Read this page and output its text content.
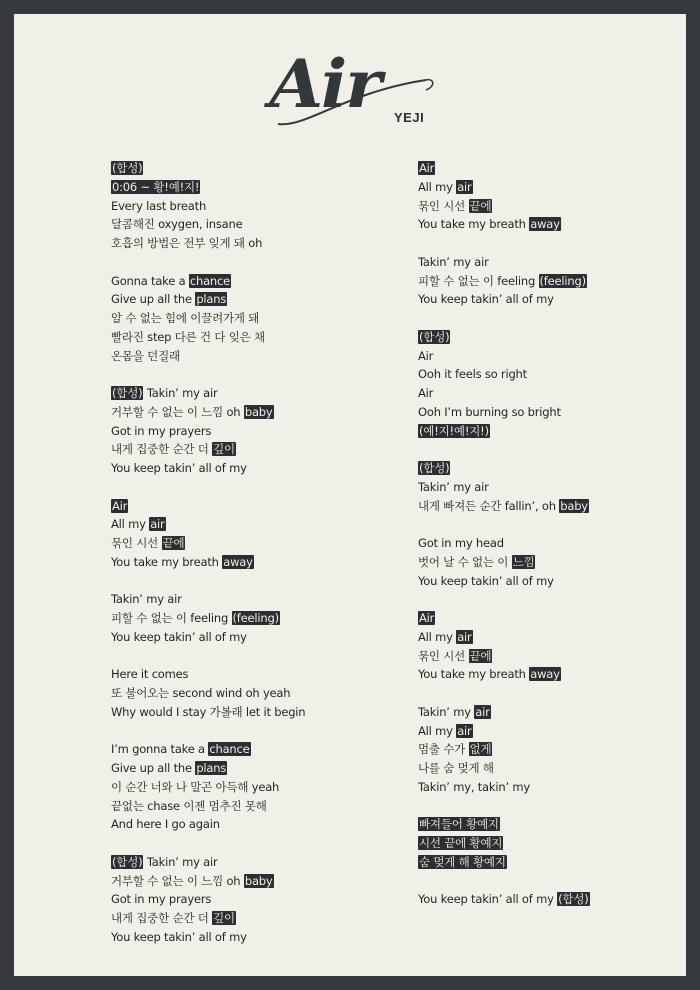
Air YEJI
(합성)
0:06 ~ 황!예!지!
Every last breath
달콤해진 oxygen, insane
호흡의 방법은 전부 잊게 돼 oh
Gonna take a chance
Give up all the plans
알 수 없는 힘에 이끌려가게 돼
빨라진 step 다른 건 다 잊은 채
온몸을 던질래
(합성) Takin’ my air
거부할 수 없는 이 느낌 oh baby
Got in my prayers
내게 집중한 순간 더 깊이
You keep takin’ all of my
Air
All my air
묶인 시선 끝에
You take my breath away
Takin’ my air
피할 수 없는 이 feeling (feeling)
You keep takin’ all of my
Here it comes
또 불어오는 second wind oh yeah
Why would I stay 가볼래 let it begin
I’m gonna take a chance
Give up all the plans
이 순간 너와 나 말곤 아득해 yeah
끝없는 chase 이젠 멈추진 못해
And here I go again
(합성) Takin’ my air
거부할 수 없는 이 느낌 oh baby
Got in my prayers
내게 집중한 순간 더 깊이
You keep takin’ all of my
Air
All my air
묶인 시선 끝에
You take my breath away
Takin’ my air
피할 수 없는 이 feeling (feeling)
You keep takin’ all of my
(합성)
Air
Ooh it feels so right
Air
Ooh I’m burning so bright
(예!지!예!지!)
(합성)
Takin’ my air
내게 빠져든 순간 fallin’, oh baby
Got in my head
벗어 날 수 없는 이 느낌
You keep takin’ all of my
Air
All my air
묶인 시선 끝에
You take my breath away
Takin’ my air
All my air
멈출 수가 없게
나를 숨 멎게 해
Takin’ my, takin’ my
빠져들어 황예지
시선 끝에 황예지
숨 멎게 해 황예지
You keep takin’ all of my (합성)
